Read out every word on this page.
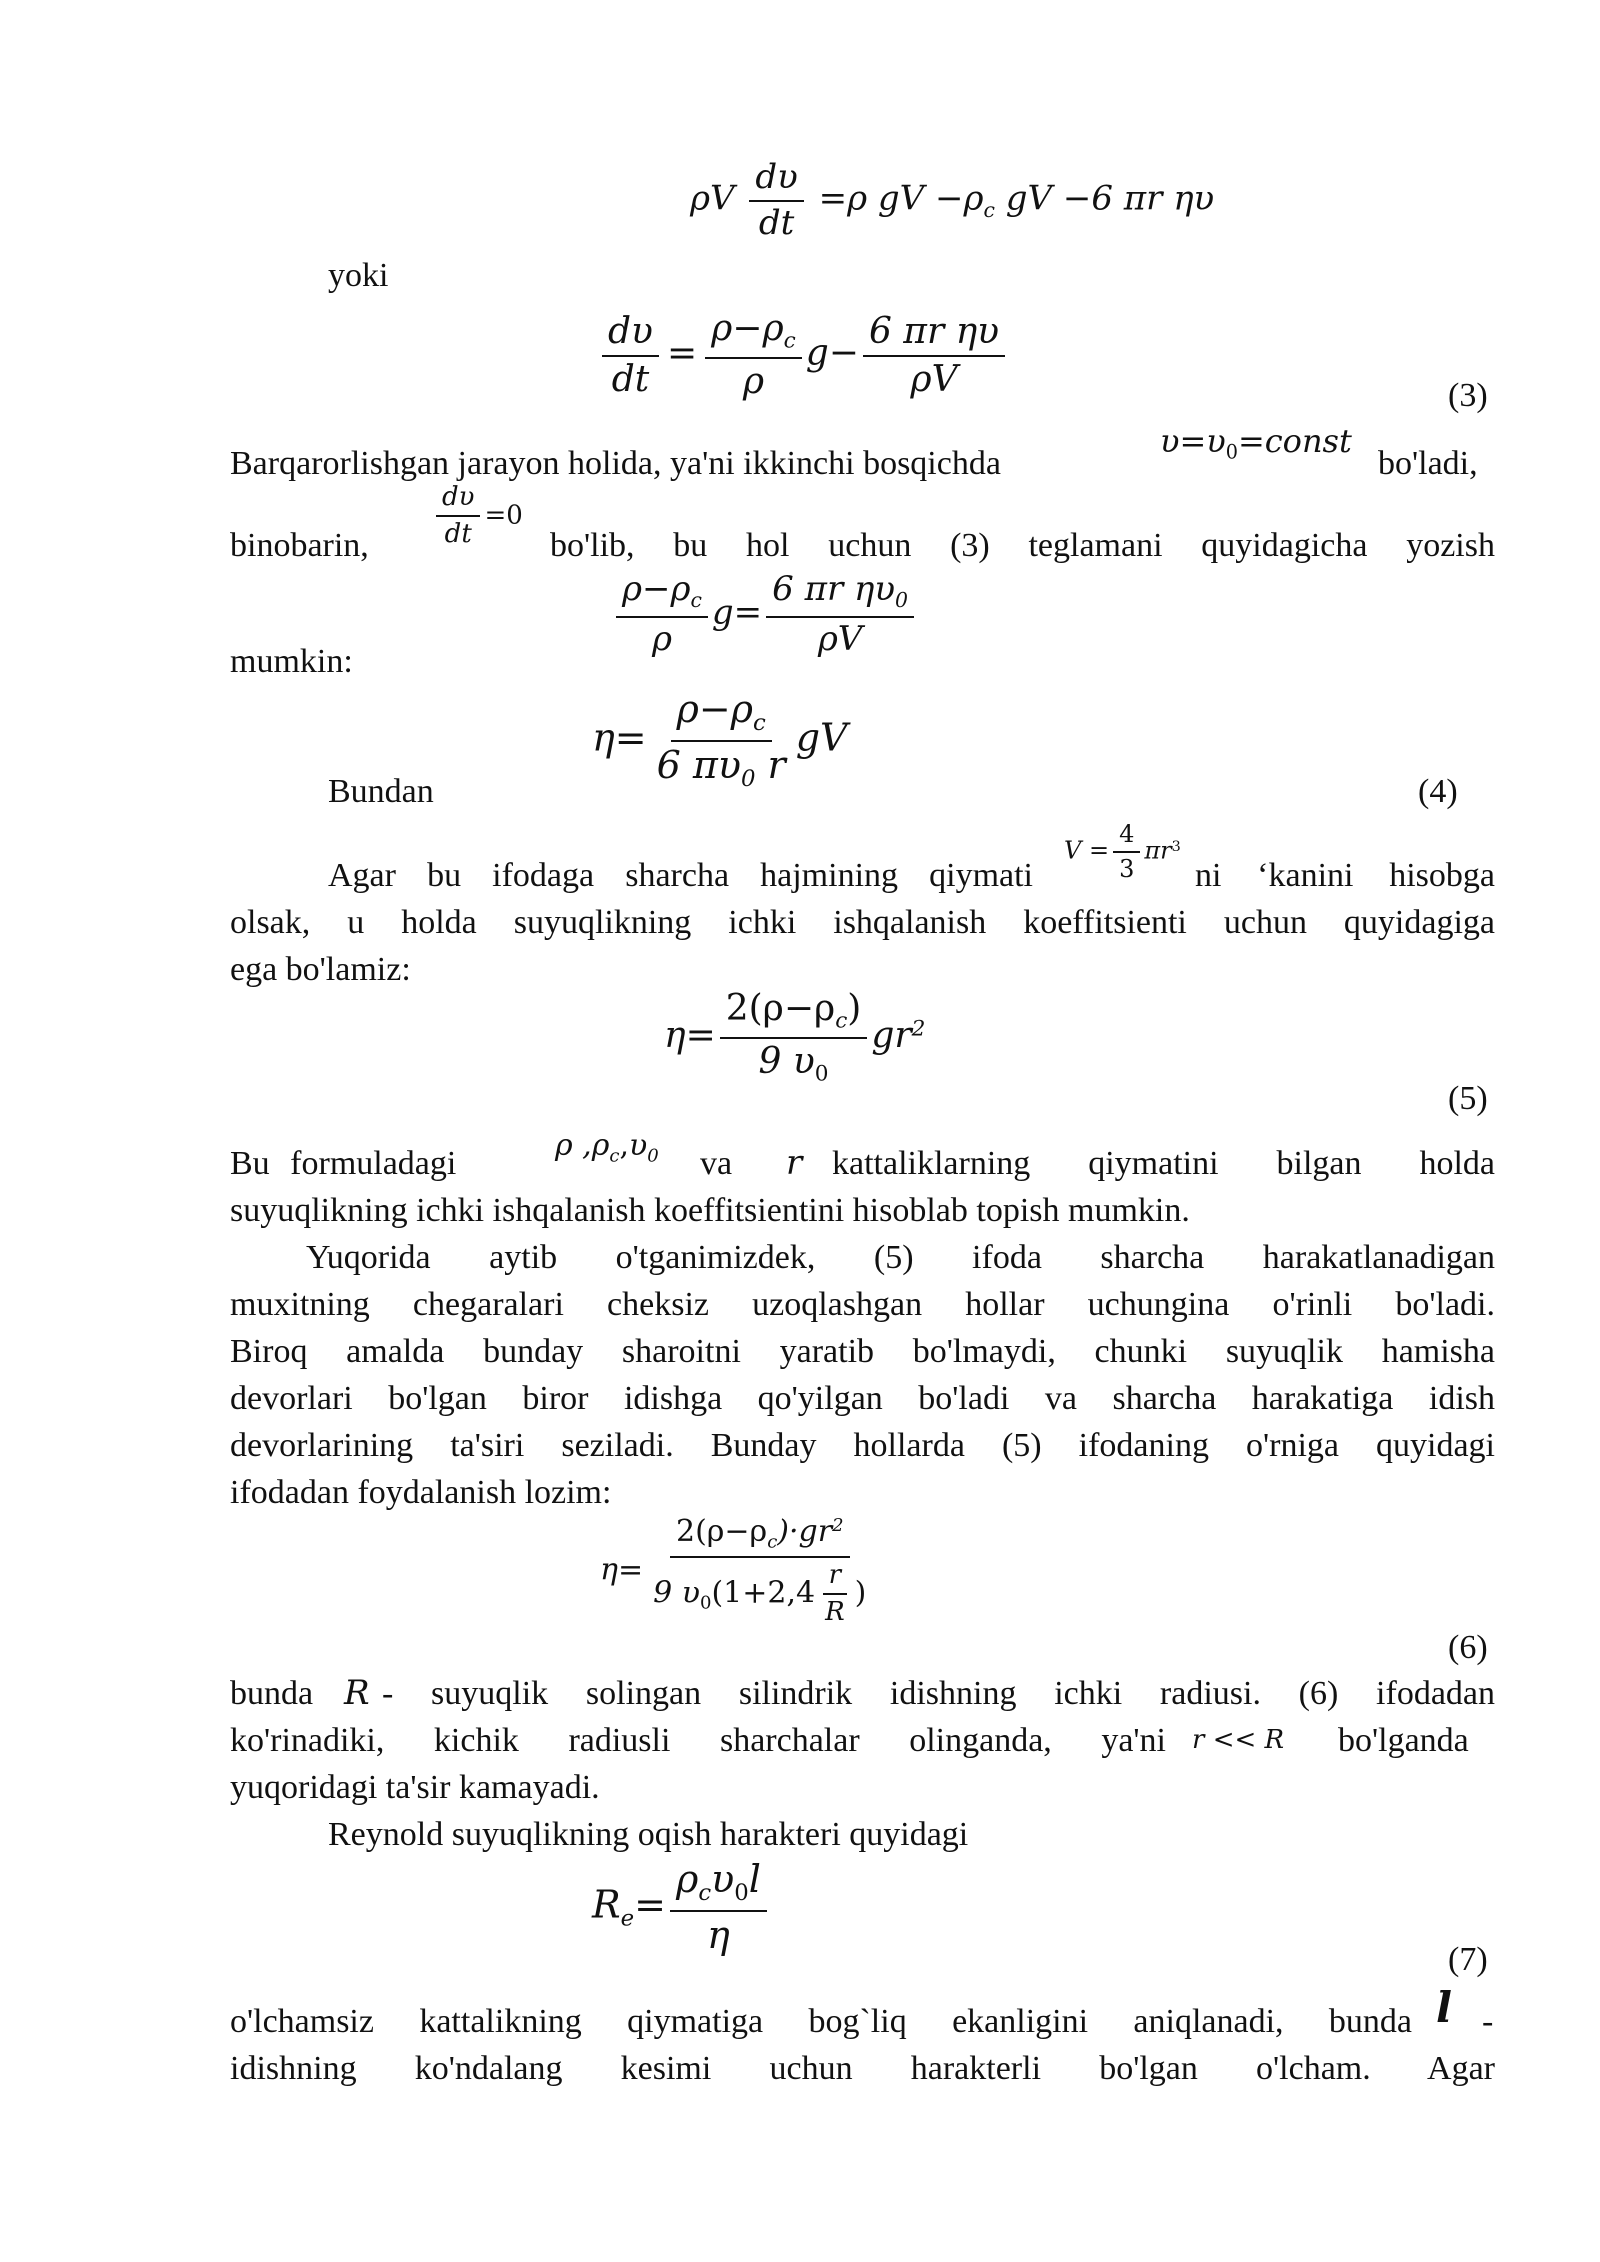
ρV $\frac{d\upsilon}{dt} =\rho$ gV $-\rho_c$ gV −6 πr ηυ
yoki
$\frac{d\upsilon}{dt} = \frac{\rho-\rho_c}{\rho} g- \frac{\text{6 πr ηυ}}{\rho V}$	(3)
Barqarorlishgan jarayon holida, ya'ni ikkinchi bosqichda
$\upsilon=\upsilon_0=const$
bo'ladi,
binobarin,	$\frac{d\upsilon}{dt} =0$
bo'lib, bu hol uchun (3) teglamani quyidagicha yozish
$\frac{\rho-\rho_c}{\rho} g= \frac{6 \pi r \eta\upsilon_0}{\rho V}$
mumkin:
$\eta= \frac{\rho-\rho_c}{6 \pi\upsilon_0 r}$ gV
Bundan	(4)
Agar bu ifodaga sharcha hajmining qiymati
$V = \frac{4}{3} \pi r^3$
ni ‘kanini hisobga
olsak, u holda suyuqlikning ichki ishqalanish koeffitsienti uchun quyidagiga
ega bo'lamiz:
$\eta= \frac{2(\rho-\rho_c)}{9 \upsilon_0} gr^2$
(5)
Bu formuladagi	ρ $,\rho_c,\upsilon_0$ va r kattaliklarning qiymatini bilgan holda
suyuqlikning ichki ishqalanish koeffitsientini hisoblab topish mumkin.
Yuqorida aytib o'tganimizdek, (5) ifoda sharcha harakatlanadigan
muxitning chegaralari cheksiz uzoqlashgan hollar uchungina o'rinli bo'ladi.
Biroq amalda bunday sharoitni yaratib bo'lmaydi, chunki suyuqlik hamisha
devorlari bo'lgan biror idishga qo'yilgan bo'ladi va sharcha harakatiga idish
devorlarining ta'siri seziladi. Bunday hollarda (5) ifodaning o'rniga quyidagi
ifodadan foydalanish lozim:
$\eta= \frac{2(\rho-\rho_c)\cdot gr^2}{9 \upsilon_0(1+2,4 \frac{r}{R} )}$
(6)
bunda R - suyuqlik solingan silindrik idishning ichki radiusi. (6) ifodadan
ko'rinadiki, kichik radiusli sharchalar olinganda, ya'ni r << R bo'lganda
yuqoridagi ta'sir kamayadi.
Reynold suyuqlikning oqish harakteri quyidagi
$R_e= \frac{\rho_c\upsilon_0l}{\eta}$
(7)
o'lchamsiz kattalikning qiymatiga bog`liq ekanligini aniqlanadi, bunda l -
idishning ko'ndalang kesimi uchun harakterli bo'lgan o'lcham. Agar
